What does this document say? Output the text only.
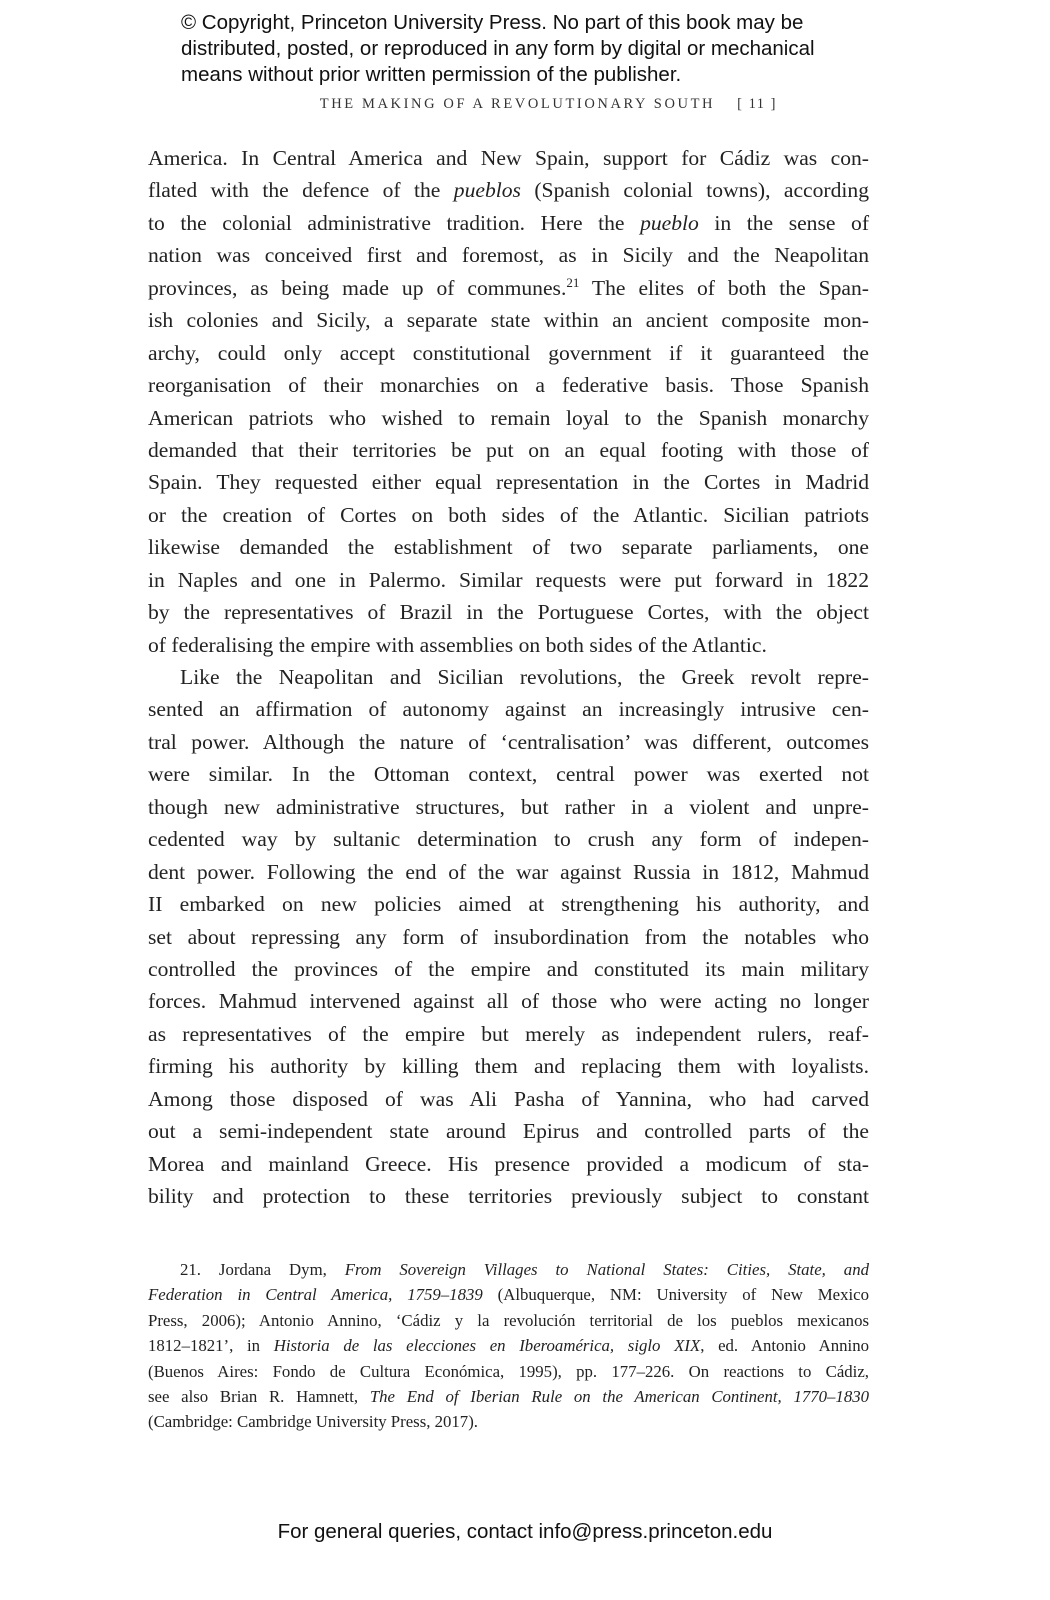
© Copyright, Princeton University Press. No part of this book may be
distributed, posted, or reproduced in any form by digital or mechanical
means without prior written permission of the publisher.
THE MAKING OF A REVOLUTIONARY SOUTH [ 11 ]
America. In Central America and New Spain, support for Cádiz was con-
flated with the defence of the pueblos (Spanish colonial towns), according
to the colonial administrative tradition. Here the pueblo in the sense of
nation was conceived first and foremost, as in Sicily and the Neapolitan
provinces, as being made up of communes.$^{21}$ The elites of both the Span-
ish colonies and Sicily, a separate state within an ancient composite mon-
archy, could only accept constitutional government if it guaranteed the
reorganisation of their monarchies on a federative basis. Those Spanish
American patriots who wished to remain loyal to the Spanish monarchy
demanded that their territories be put on an equal footing with those of
Spain. They requested either equal representation in the Cortes in Madrid
or the creation of Cortes on both sides of the Atlantic. Sicilian patriots
likewise demanded the establishment of two separate parliaments, one
in Naples and one in Palermo. Similar requests were put forward in 1822
by the representatives of Brazil in the Portuguese Cortes, with the object
of federalising the empire with assemblies on both sides of the Atlantic.
Like the Neapolitan and Sicilian revolutions, the Greek revolt repre-
sented an affirmation of autonomy against an increasingly intrusive cen-
tral power. Although the nature of ‘centralisation’ was different, outcomes
were similar. In the Ottoman context, central power was exerted not
though new administrative structures, but rather in a violent and unpre-
cedented way by sultanic determination to crush any form of indepen-
dent power. Following the end of the war against Russia in 1812, Mahmud
II embarked on new policies aimed at strengthening his authority, and
set about repressing any form of insubordination from the notables who
controlled the provinces of the empire and constituted its main military
forces. Mahmud intervened against all of those who were acting no longer
as representatives of the empire but merely as independent rulers, reaf-
firming his authority by killing them and replacing them with loyalists.
Among those disposed of was Ali Pasha of Yannina, who had carved
out a semi-independent state around Epirus and controlled parts of the
Morea and mainland Greece. His presence provided a modicum of sta-
bility and protection to these territories previously subject to constant
21. Jordana Dym, From Sovereign Villages to National States: Cities, State, and
Federation in Central America, 1759–1839 (Albuquerque, NM: University of New Mexico
Press, 2006); Antonio Annino, ‘Cádiz y la revolución territorial de los pueblos mexicanos
1812–1821’, in Historia de las elecciones en Iberoamérica, siglo XIX, ed. Antonio Annino
(Buenos Aires: Fondo de Cultura Económica, 1995), pp. 177–226. On reactions to Cádiz,
see also Brian R. Hamnett, The End of Iberian Rule on the American Continent, 1770–1830
(Cambridge: Cambridge University Press, 2017).
For general queries, contact info@press.princeton.edu
